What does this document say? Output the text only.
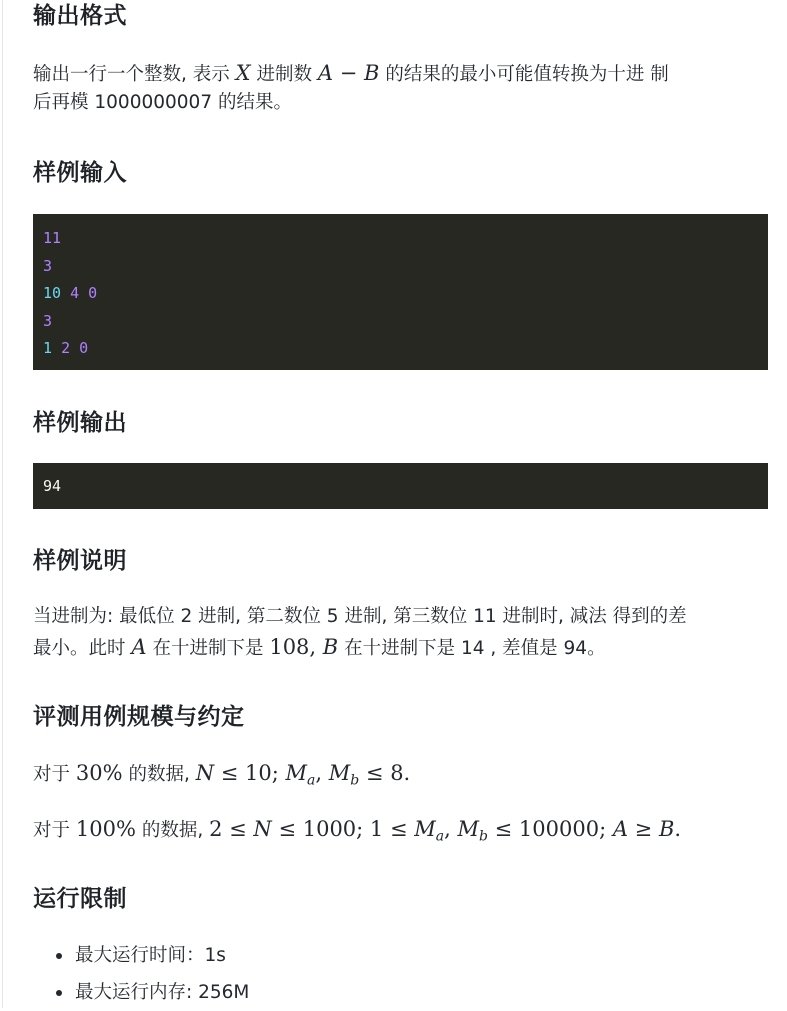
输出格式
输出一行一个整数, 表示 X 进制数 A − B 的结果的最小可能值转换为十进 制
后再模 1000000007 的结果。
样例输入
11
3
10 4 0
3
1 2 0
样例输出
94
样例说明
当进制为: 最低位 2 进制, 第二数位 5 进制, 第三数位 11 进制时, 减法 得到的差
最小。此时 A 在十进制下是 108, B 在十进制下是 14 , 差值是 94。
评测用例规模与约定
对于 30% 的数据, N ≤ 10; $M_a$, $M_b \le 8$.
对于 100% 的数据, 2 ≤ N ≤ 1000; $1 \le M_a$, $M_b \le 100000$; A ≥ B.
运行限制
最大运行时间：1s
最大运行内存: 256M
